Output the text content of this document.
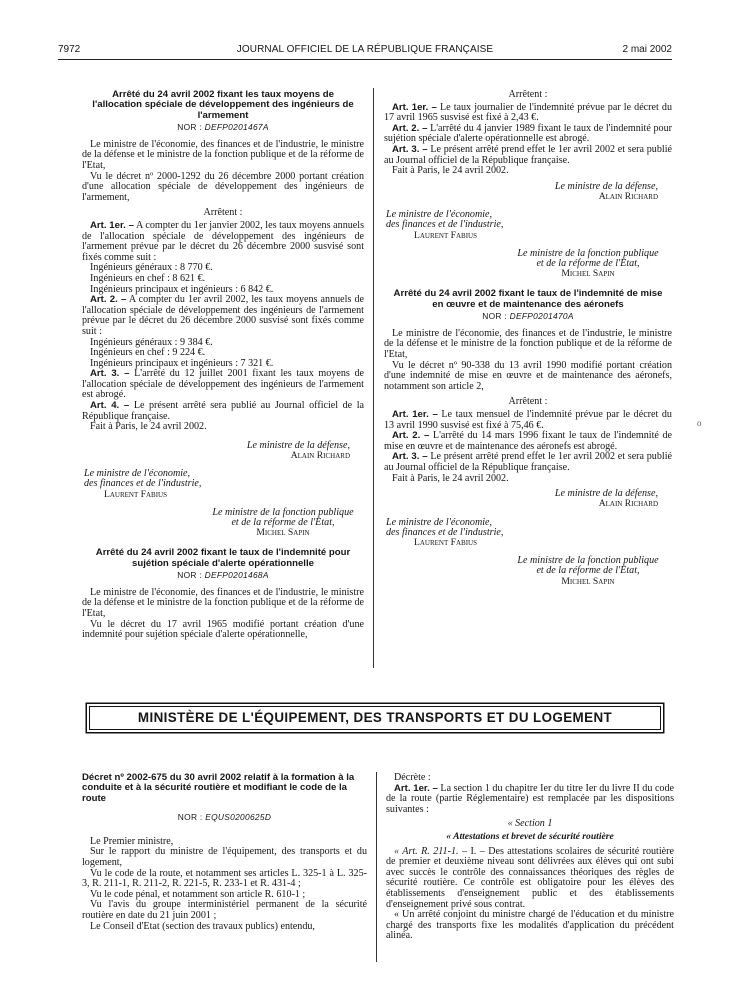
7972	JOURNAL OFFICIEL DE LA RÉPUBLIQUE FRANÇAISE	2 mai 2002
o
Arrêté du 24 avril 2002 fixant les taux moyens de l'allocation spéciale de développement des ingénieurs de l'armement
NOR : DEFP0201467A

Le ministre de l'économie, des finances et de l'industrie, le ministre de la défense et le ministre de la fonction publique et de la réforme de l'Etat,

Vu le décret nº 2000-1292 du 26 décembre 2000 portant création d'une allocation spéciale de développement des ingénieurs de l'armement,

Arrêtent :

Art. 1er. – A compter du 1er janvier 2002, les taux moyens annuels de l'allocation spéciale de développement des ingénieurs de l'armement prévue par le décret du 26 décembre 2000 susvisé sont fixés comme suit :

Ingénieurs généraux : 8 770 €.

Ingénieurs en chef : 8 621 €.

Ingénieurs principaux et ingénieurs : 6 842 €.

Art. 2. – A compter du 1er avril 2002, les taux moyens annuels de l'allocation spéciale de développement des ingénieurs de l'armement prévue par le décret du 26 décembre 2000 susvisé sont fixés comme suit :

Ingénieurs généraux : 9 384 €.

Ingénieurs en chef : 9 224 €.

Ingénieurs principaux et ingénieurs : 7 321 €.

Art. 3. – L'arrêté du 12 juillet 2001 fixant les taux moyens de l'allocation spéciale de développement des ingénieurs de l'armement est abrogé.

Art. 4. – Le présent arrêté sera publié au Journal officiel de la République française.

Fait à Paris, le 24 avril 2002.

Le ministre de la défense,
Alain Richard
Le ministre de l'économie,
des finances et de l'industrie,
Laurent Fabius
Le ministre de la fonction publique
et de la réforme de l'Etat,
Michel Sapin
Arrêté du 24 avril 2002 fixant le taux de l'indemnité pour sujétion spéciale d'alerte opérationnelle
NOR : DEFP0201468A

Le ministre de l'économie, des finances et de l'industrie, le ministre de la défense et le ministre de la fonction publique et de la réforme de l'Etat,

Vu le décret du 17 avril 1965 modifié portant création d'une indemnité pour sujétion spéciale d'alerte opérationnelle,

Arrêtent :

Art. 1er. – Le taux journalier de l'indemnité prévue par le décret du 17 avril 1965 susvisé est fixé à 2,43 €.

Art. 2. – L'arrêté du 4 janvier 1989 fixant le taux de l'indemnité pour sujétion spéciale d'alerte opérationnelle est abrogé.

Art. 3. – Le présent arrêté prend effet le 1er avril 2002 et sera publié au Journal officiel de la République française.

Fait à Paris, le 24 avril 2002.

Le ministre de la défense,
Alain Richard
Le ministre de l'économie,
des finances et de l'industrie,
Laurent Fabius
Le ministre de la fonction publique
et de la réforme de l'Etat,
Michel Sapin
Arrêté du 24 avril 2002 fixant le taux de l'indemnité de mise en œuvre et de maintenance des aéronefs
NOR : DEFP0201470A

Le ministre de l'économie, des finances et de l'industrie, le ministre de la défense et le ministre de la fonction publique et de la réforme de l'Etat,

Vu le décret nº 90-338 du 13 avril 1990 modifié portant création d'une indemnité de mise en œuvre et de maintenance des aéronefs, notamment son article 2,

Arrêtent :

Art. 1er. – Le taux mensuel de l'indemnité prévue par le décret du 13 avril 1990 susvisé est fixé à 75,46 €.

Art. 2. – L'arrêté du 14 mars 1996 fixant le taux de l'indemnité de mise en œuvre et de maintenance des aéronefs est abrogé.

Art. 3. – Le présent arrêté prend effet le 1er avril 2002 et sera publié au Journal officiel de la République française.

Fait à Paris, le 24 avril 2002.

Le ministre de la défense,
Alain Richard
Le ministre de l'économie,
des finances et de l'industrie,
Laurent Fabius
Le ministre de la fonction publique
et de la réforme de l'Etat,
Michel Sapin
MINISTÈRE DE L'ÉQUIPEMENT, DES TRANSPORTS ET DU LOGEMENT
Décret nº 2002-675 du 30 avril 2002 relatif à la formation à la conduite et à la sécurité routière et modifiant le code de la route
NOR : EQUS0200625D

Le Premier ministre,

Sur le rapport du ministre de l'équipement, des transports et du logement,

Vu le code de la route, et notamment ses articles L. 325-1 à L. 325-3, R. 211-1, R. 211-2, R. 221-5, R. 233-1 et R. 431-4 ;

Vu le code pénal, et notamment son article R. 610-1 ;

Vu l'avis du groupe interministériel permanent de la sécurité routière en date du 21 juin 2001 ;

Le Conseil d'Etat (section des travaux publics) entendu,

Décrète :

Art. 1er. – La section 1 du chapitre Ier du titre Ier du livre II du code de la route (partie Réglementaire) est remplacée par les dispositions suivantes :

« Section 1
« Attestations et brevet de sécurité routière

« Art. R. 211-1. – I. – Des attestations scolaires de sécurité routière de premier et deuxième niveau sont délivrées aux élèves qui ont subi avec succès le contrôle des connaissances théoriques des règles de sécurité routière. Ce contrôle est obligatoire pour les élèves des établissements d'enseignement public et des établissements d'enseignement privé sous contrat.

« Un arrêté conjoint du ministre chargé de l'éducation et du ministre chargé des transports fixe les modalités d'application du précédent alinéa.
